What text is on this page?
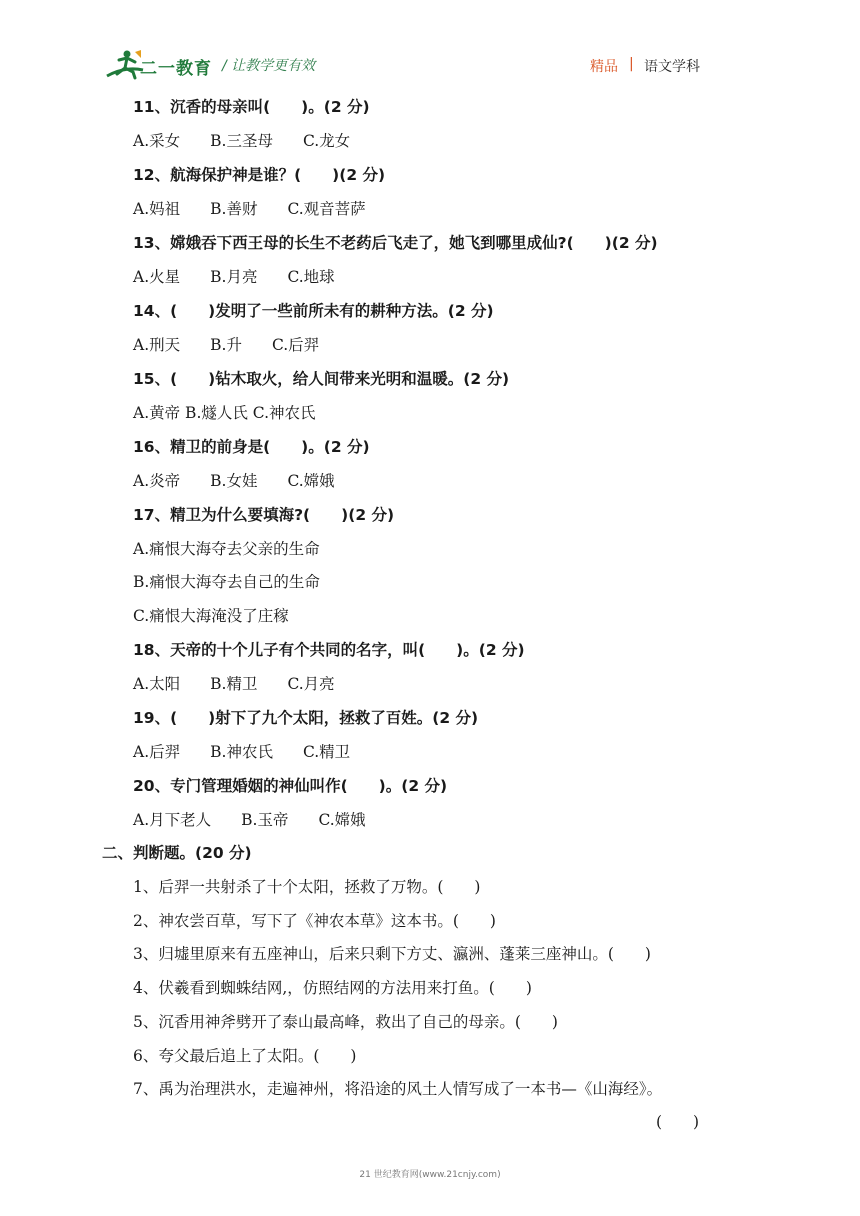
二一教育 / 让教学更有效	精品 | 语文学科
11、沉香的母亲叫(　　)。(2 分)
A.采女 B.三圣母 C.龙女
12、航海保护神是谁？(　　)(2 分)
A.妈祖 B.善财 C.观音菩萨
13、嫦娥吞下西王母的长生不老药后飞走了，她飞到哪里成仙?(　　)(2 分)
A.火星 B.月亮 C.地球
14、(　　)发明了一些前所未有的耕种方法。(2 分)
A.刑天 B.升 C.后羿
15、(　　)钻木取火，给人间带来光明和温暖。(2 分)
A.黄帝 B.燧人氏 C.神农氏
16、精卫的前身是(　　)。(2 分)
A.炎帝 B.女娃 C.嫦娥
17、精卫为什么要填海?(　　)(2 分)
A.痛恨大海夺去父亲的生命
B.痛恨大海夺去自己的生命
C.痛恨大海淹没了庄稼
18、天帝的十个儿子有个共同的名字，叫(　　)。(2 分)
A.太阳 B.精卫 C.月亮
19、(　　)射下了九个太阳，拯救了百姓。(2 分)
A.后羿 B.神农氏 C.精卫
20、专门管理婚姻的神仙叫作(　　)。(2 分)
A.月下老人 B.玉帝 C.嫦娥
二、判断题。(20 分)
1、后羿一共射杀了十个太阳，拯救了万物。(　　)
2、神农尝百草，写下了《神农本草》这本书。(　　)
3、归墟里原来有五座神山，后来只剩下方丈、瀛洲、蓬莱三座神山。(　　)
4、伏羲看到蜘蛛结网,，仿照结网的方法用来打鱼。(　　)
5、沉香用神斧劈开了泰山最高峰，救出了自己的母亲。(　　)
6、夸父最后追上了太阳。(　　)
7、禹为治理洪水，走遍神州，将沿途的风土人情写成了一本书—《山海经》。
(　　)
21 世纪教育网(www.21cnjy.com)
